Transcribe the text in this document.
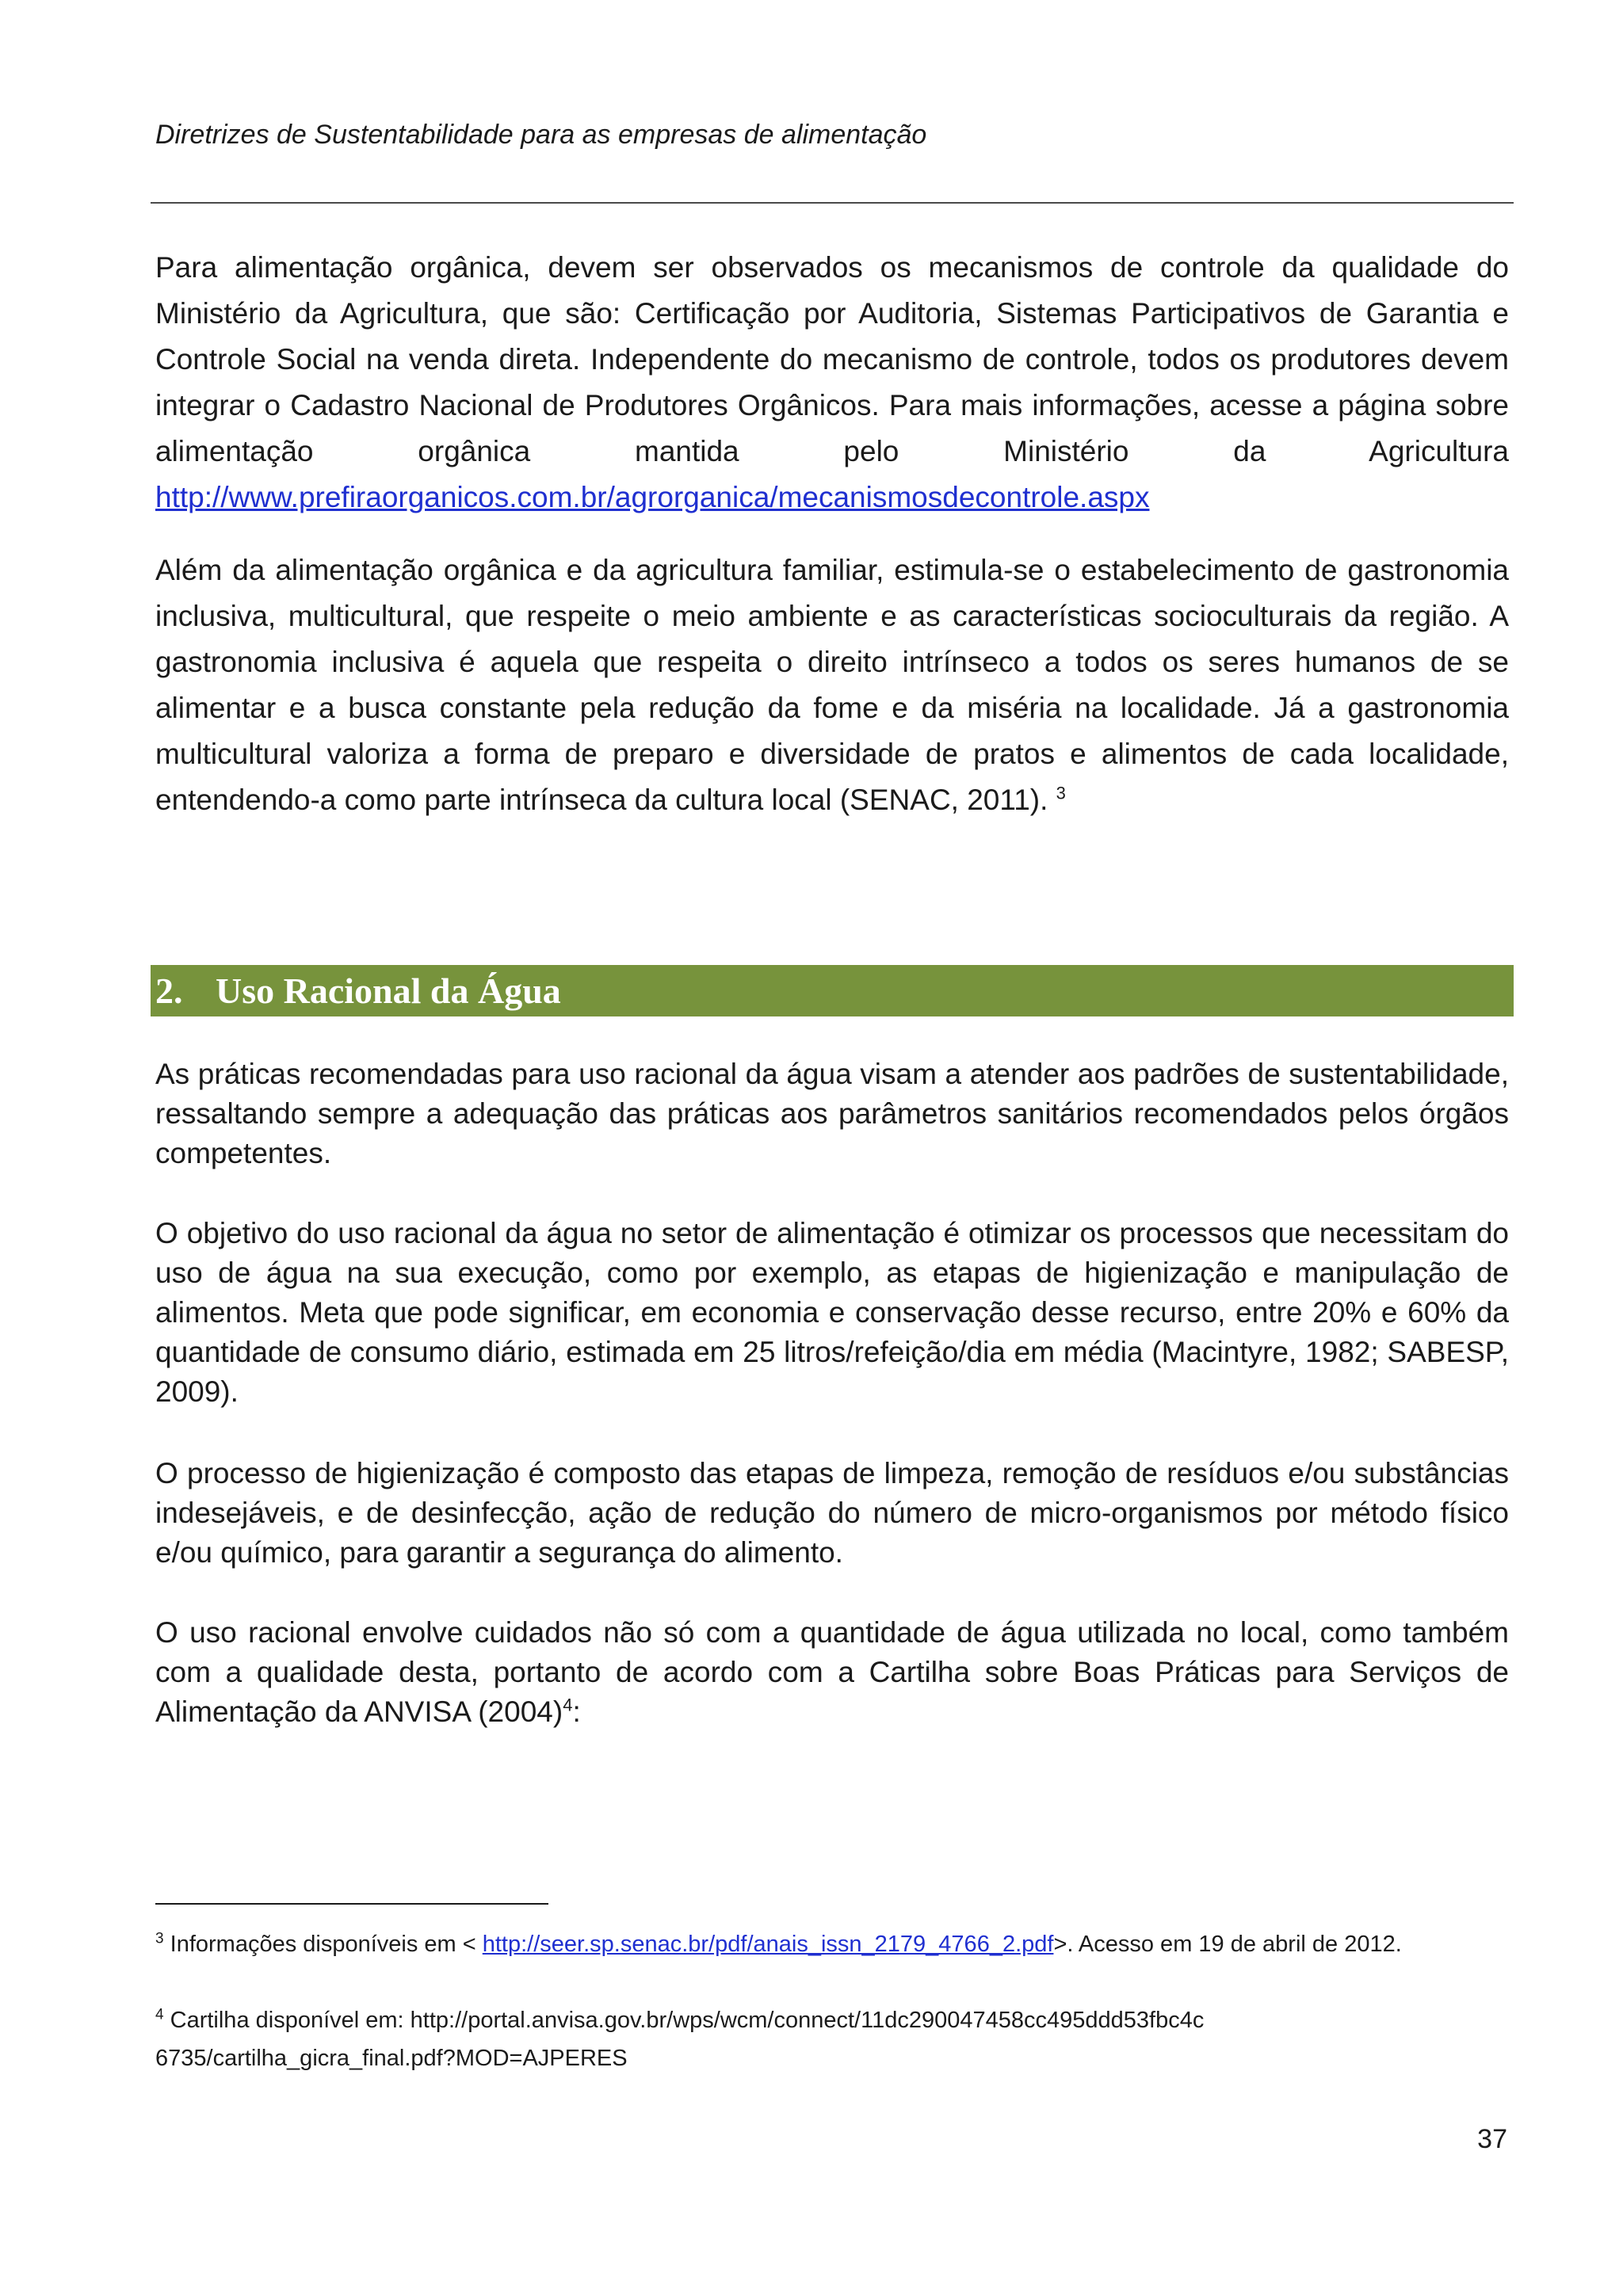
Diretrizes de Sustentabilidade para as empresas de alimentação

Para alimentação orgânica, devem ser observados os mecanismos de controle da qualidade do Ministério da Agricultura, que são: Certificação por Auditoria, Sistemas Participativos de Garantia e Controle Social na venda direta. Independente do mecanismo de controle, todos os produtores devem integrar o Cadastro Nacional de Produtores Orgânicos. Para mais informações, acesse a página sobre alimentação orgânica mantida pelo Ministério da Agricultura http://www.prefiraorganicos.com.br/agrorganica/mecanismosdecontrole.aspx

Além da alimentação orgânica e da agricultura familiar, estimula-se o estabelecimento de gastronomia inclusiva, multicultural, que respeite o meio ambiente e as características socioculturais da região. A gastronomia inclusiva é aquela que respeita o direito intrínseco a todos os seres humanos de se alimentar e a busca constante pela redução da fome e da miséria na localidade. Já a gastronomia multicultural valoriza a forma de preparo e diversidade de pratos e alimentos de cada localidade, entendendo-a como parte intrínseca da cultura local (SENAC, 2011). $^3$

2. Uso Racional da Água

As práticas recomendadas para uso racional da água visam a atender aos padrões de sustentabilidade, ressaltando sempre a adequação das práticas aos parâmetros sanitários recomendados pelos órgãos competentes.

O objetivo do uso racional da água no setor de alimentação é otimizar os processos que necessitam do uso de água na sua execução, como por exemplo, as etapas de higienização e manipulação de alimentos. Meta que pode significar, em economia e conservação desse recurso, entre 20% e 60% da quantidade de consumo diário, estimada em 25 litros/refeição/dia em média (Macintyre, 1982; SABESP, 2009).

O processo de higienização é composto das etapas de limpeza, remoção de resíduos e/ou substâncias indesejáveis, e de desinfecção, ação de redução do número de micro-organismos por método físico e/ou químico, para garantir a segurança do alimento.

O uso racional envolve cuidados não só com a quantidade de água utilizada no local, como também com a qualidade desta, portanto de acordo com a Cartilha sobre Boas Práticas para Serviços de Alimentação da ANVISA $(2004)^4$:

$^3$ Informações disponíveis em < http://seer.sp.senac.br/pdf/anais_issn_2179_4766_2.pdf>. Acesso em 19 de abril de 2012.

$^4$ Cartilha disponível em: http://portal.anvisa.gov.br/wps/wcm/connect/11dc290047458cc495ddd53fbc4c
6735/cartilha_gicra_final.pdf?MOD=AJPERES

37
